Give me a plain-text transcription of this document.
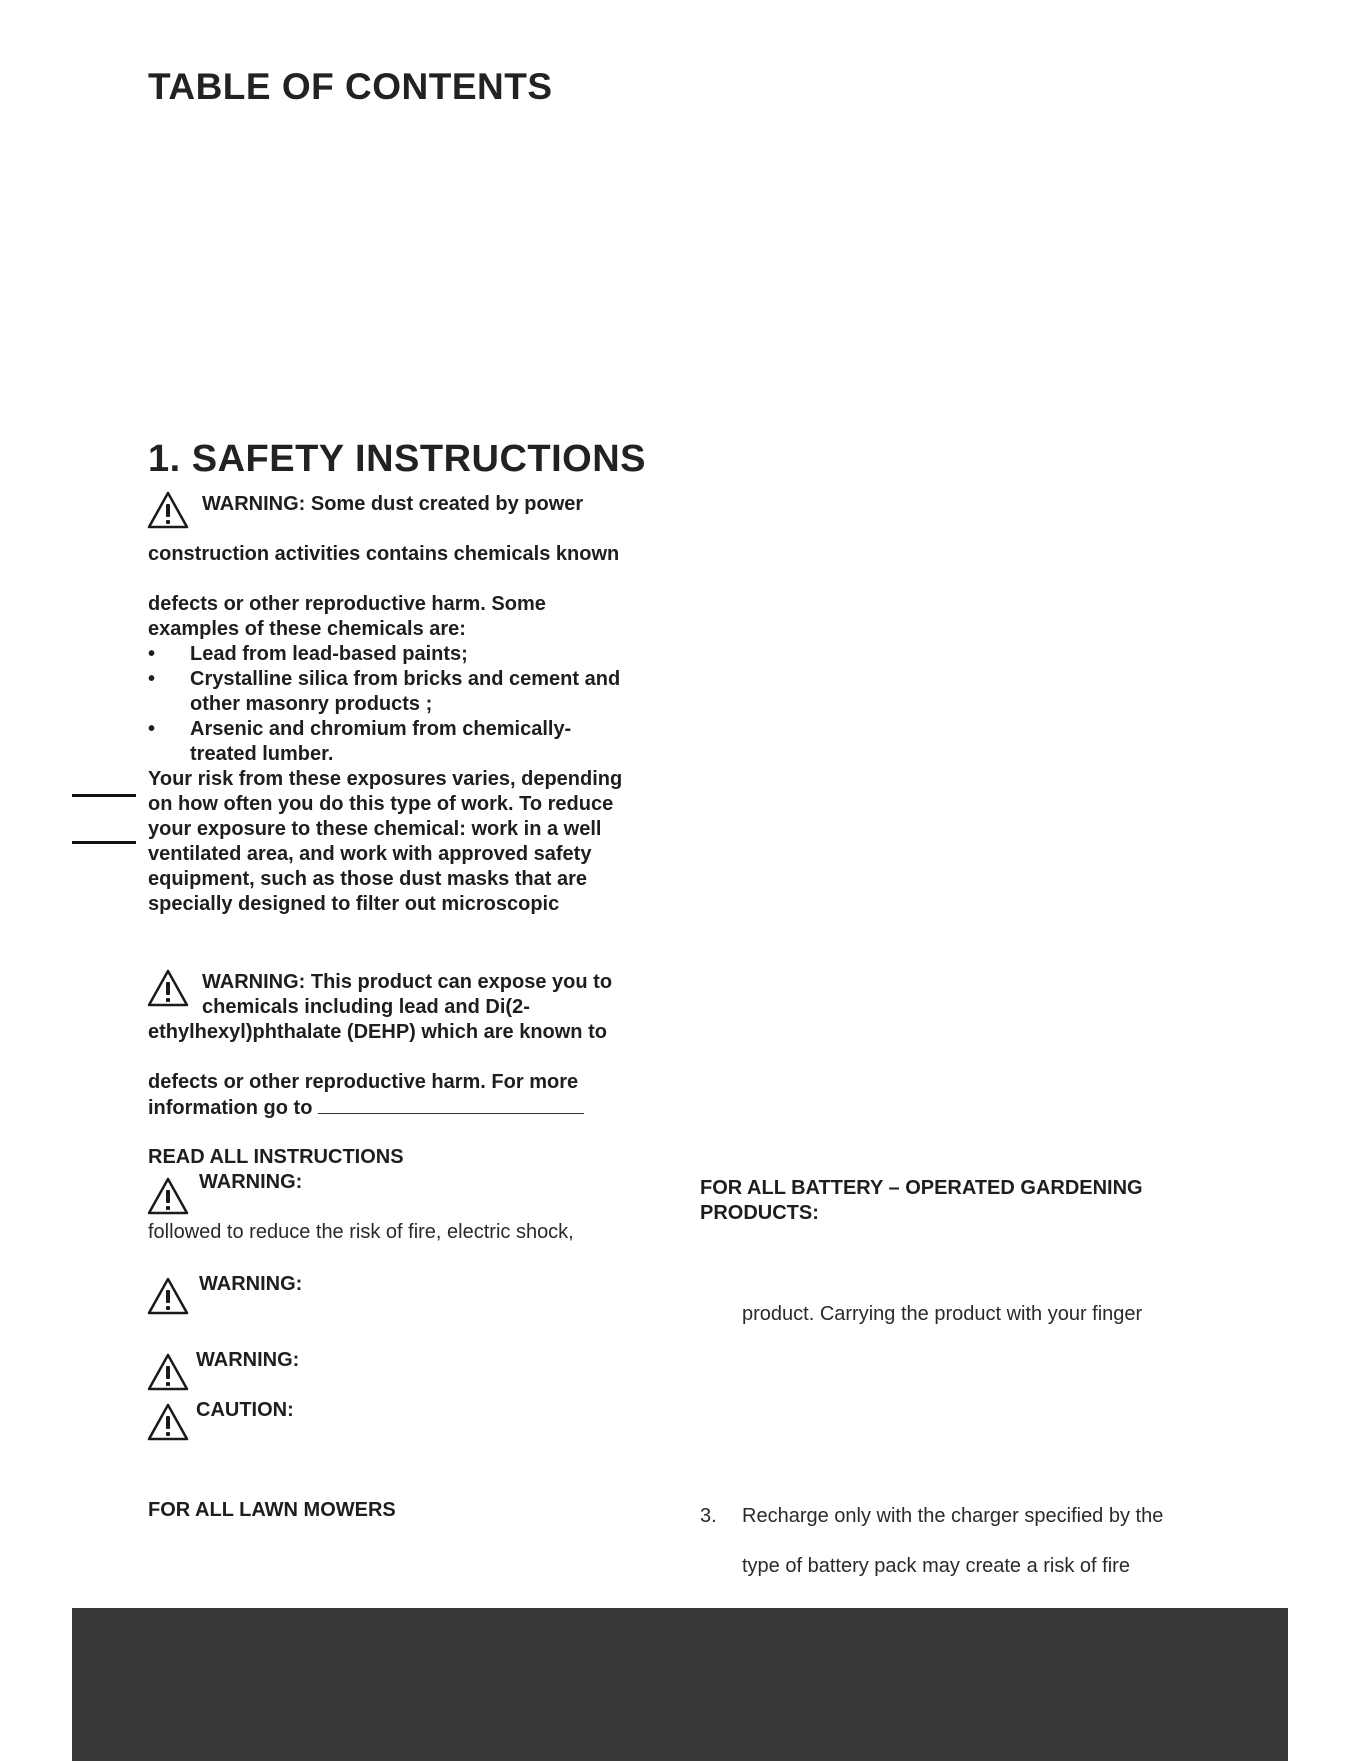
TABLE OF CONTENTS
1. SAFETY INSTRUCTIONS
WARNING: Some dust created by power
construction activities contains chemicals known
defects or other reproductive harm. Some
examples of these chemicals are:
• Lead from lead-based paints;
• Crystalline silica from bricks and cement and other masonry products ;
• Arsenic and chromium from chemically-treated lumber.
Your risk from these exposures varies, depending
on how often you do this type of work. To reduce
your exposure to these chemical: work in a well
ventilated area, and work with approved safety
equipment, such as those dust masks that are
specially designed to filter out microscopic
WARNING: This product can expose you to
chemicals including lead and Di(2-
ethylhexyl)phthalate (DEHP) which are known to
defects or other reproductive harm. For more
information go to
READ ALL INSTRUCTIONS
WARNING:
followed to reduce the risk of fire, electric shock,
WARNING:
WARNING:
CAUTION:
FOR ALL LAWN MOWERS
FOR ALL BATTERY – OPERATED GARDENING
PRODUCTS:
product. Carrying the product with your finger
3. Recharge only with the charger specified by the
type of battery pack may create a risk of fire
